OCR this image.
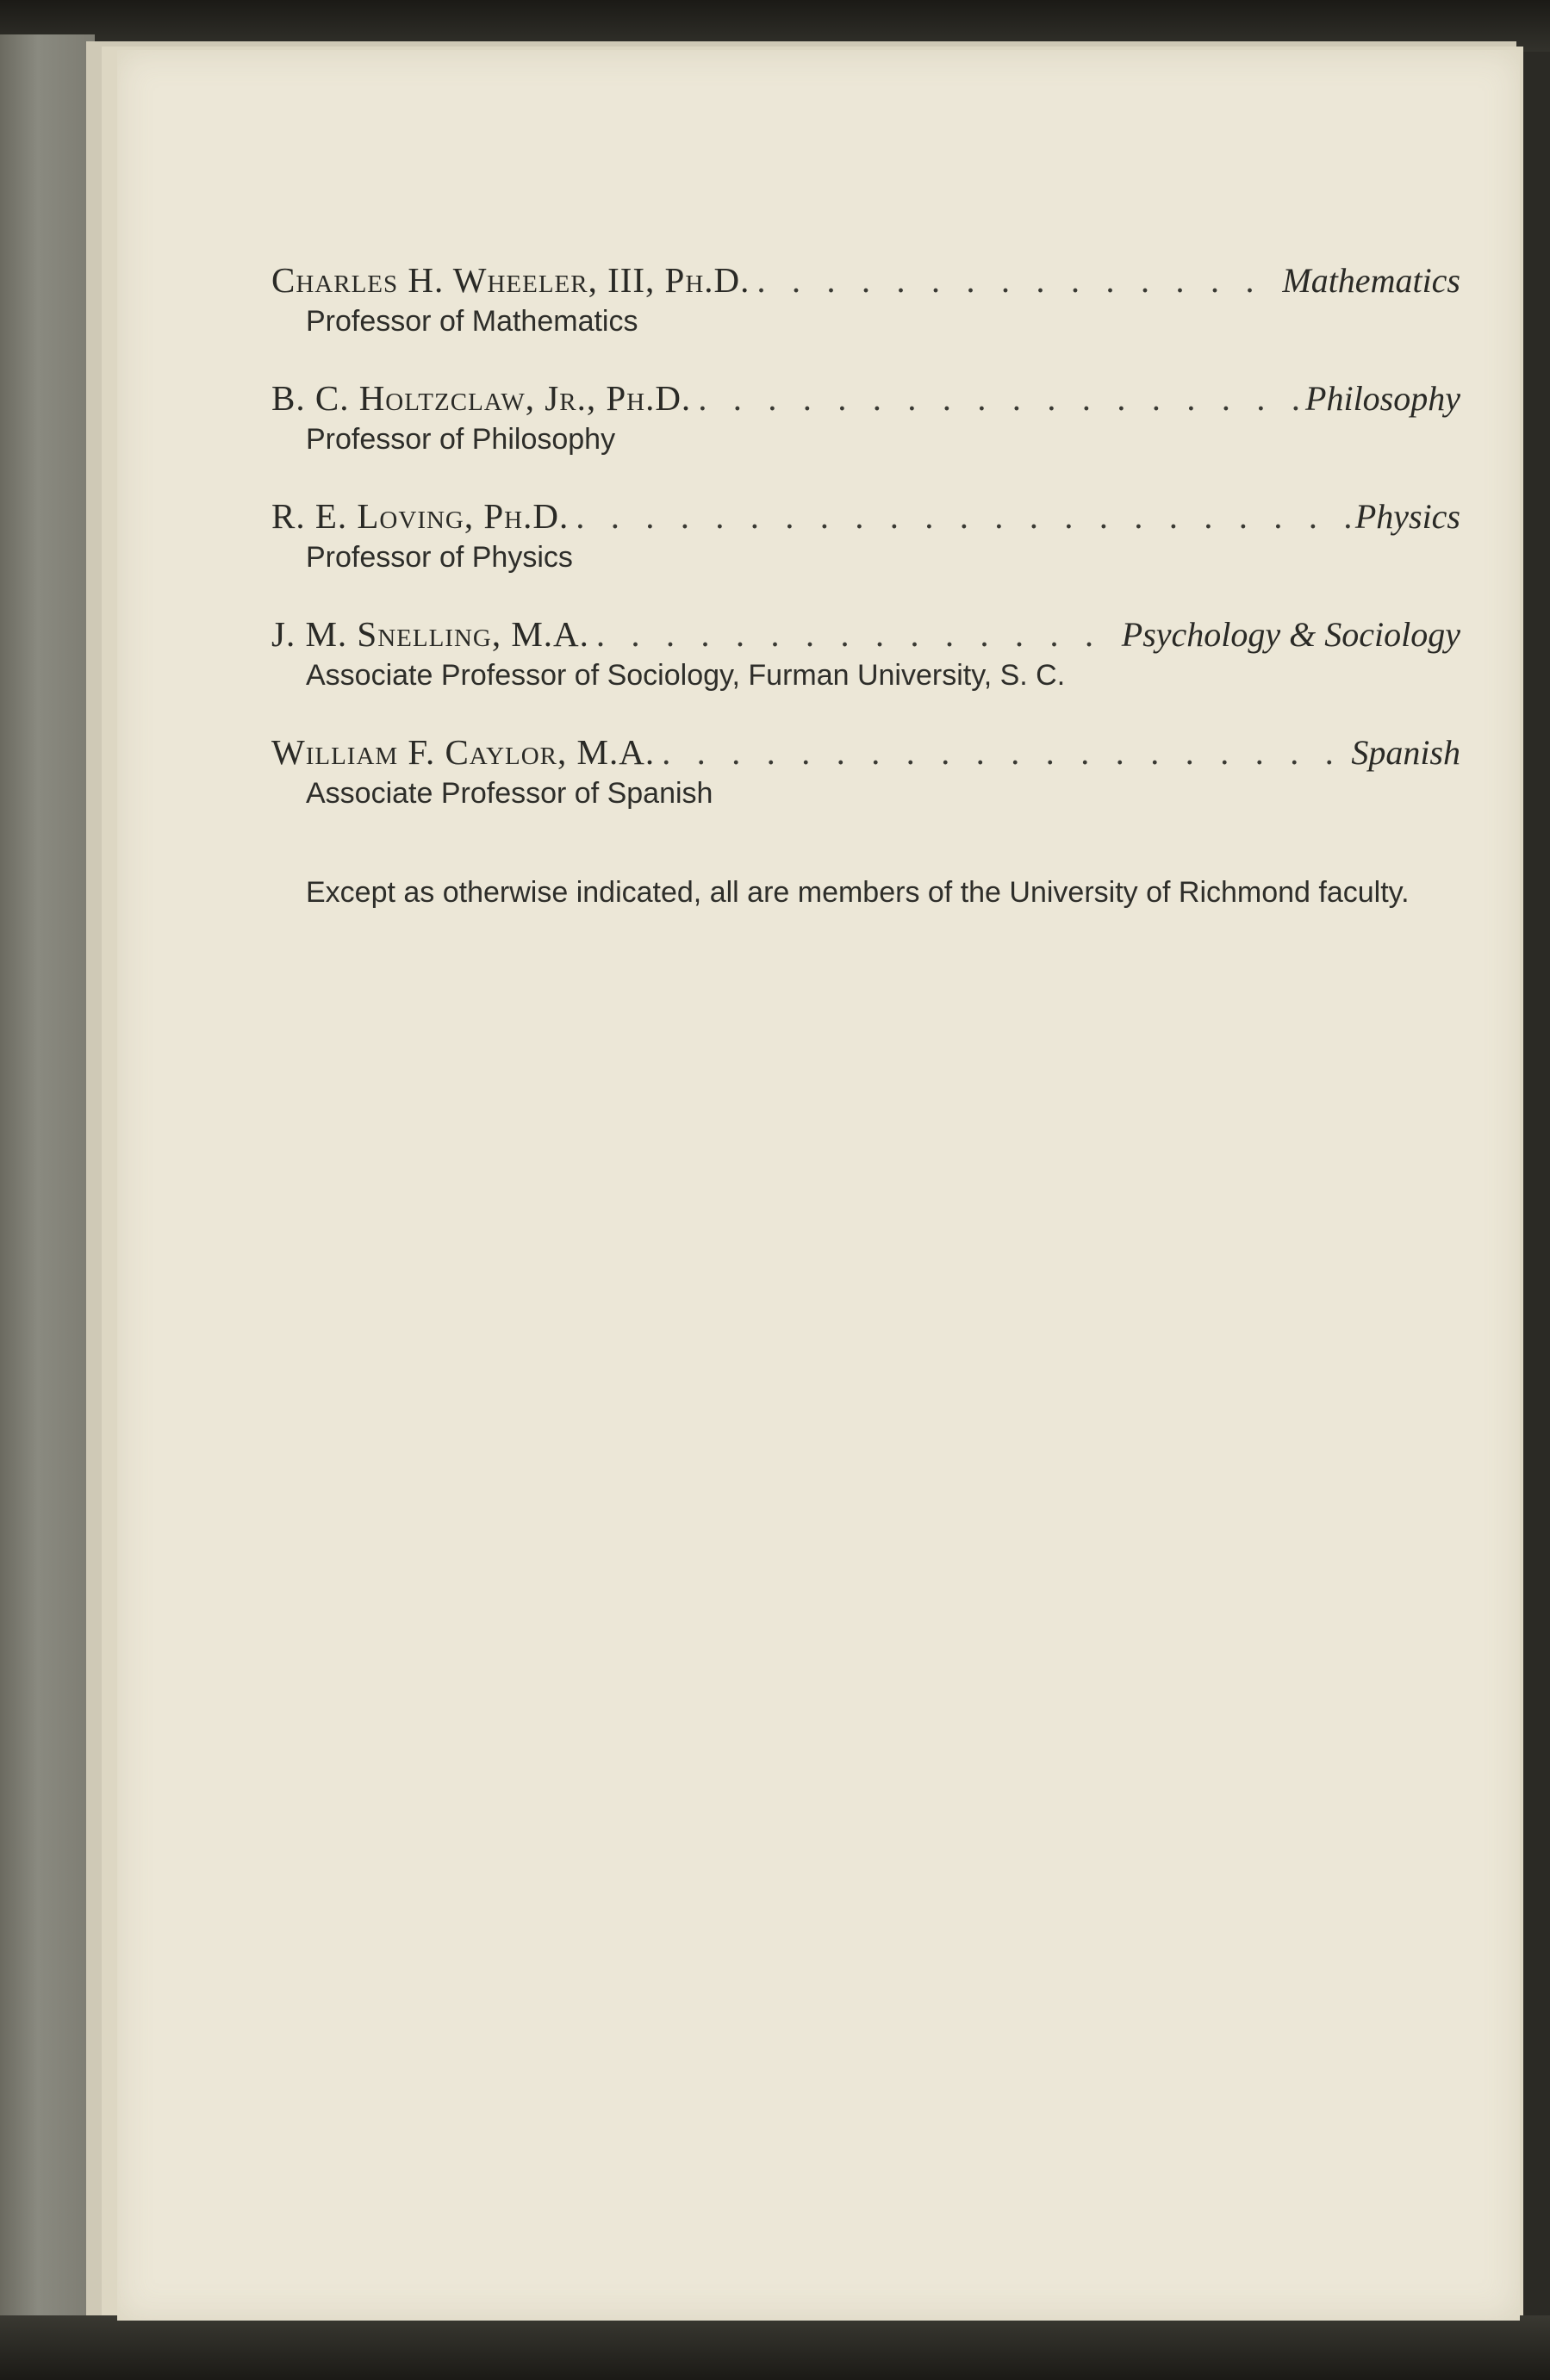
Charles H. Wheeler, III, Ph.D. . . .	Mathematics
Professor of Mathematics
B. C. Holtzclaw, Jr., Ph.D. . . .	Philosophy
Professor of Philosophy
R. E. Loving, Ph.D. . . .	Physics
Professor of Physics
J. M. Snelling, M.A. . . .	Psychology & Sociology
Associate Professor of Sociology, Furman University, S. C.
William F. Caylor, M.A. . . .	Spanish
Associate Professor of Spanish

Except as otherwise indicated, all are members of the University of Richmond faculty.
